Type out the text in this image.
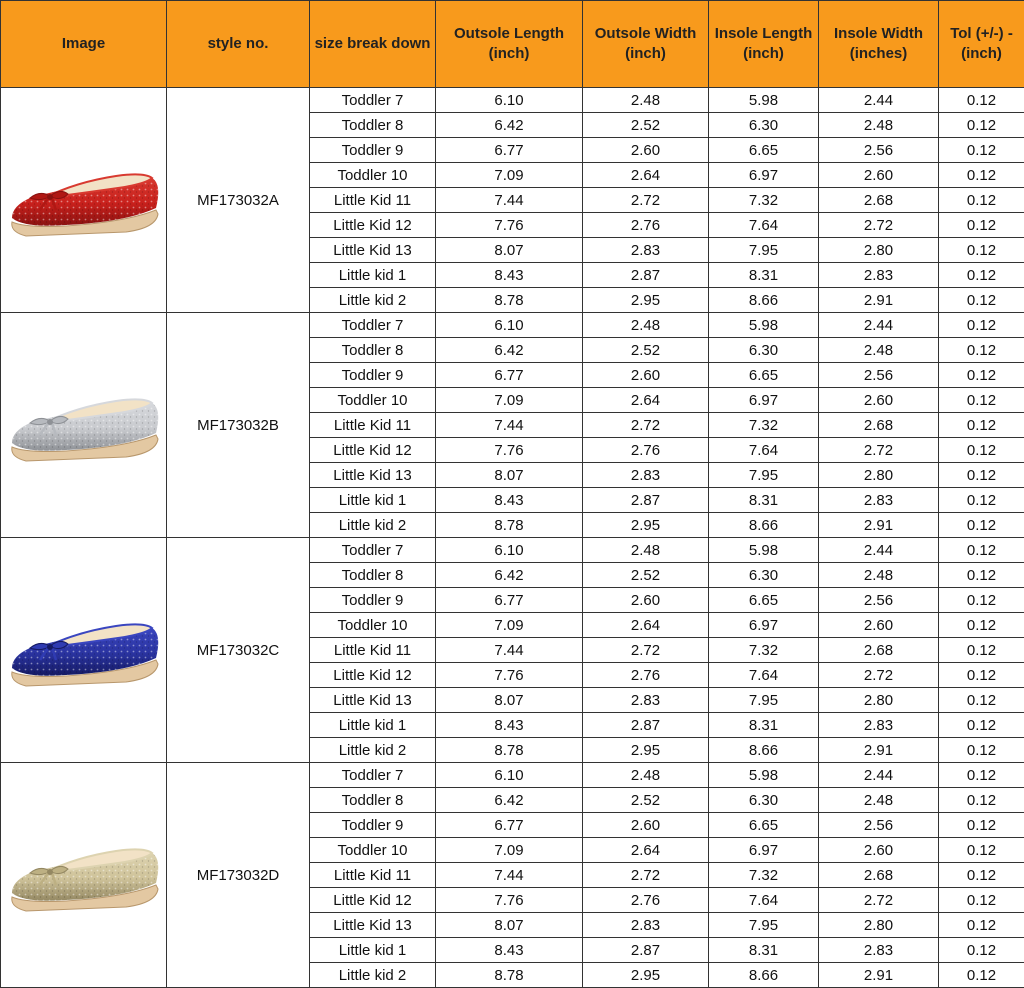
Image	style no.	size break down	Outsole Length (inch)	Outsole Width (inch)	Insole Length (inch)	Insole Width (inches)	Tol (+/-) - (inch)

	MF173032A	Toddler 7	6.10	2.48	5.98	2.44	0.12
		Toddler 8	6.42	2.52	6.30	2.48	0.12
		Toddler 9	6.77	2.60	6.65	2.56	0.12
		Toddler 10	7.09	2.64	6.97	2.60	0.12
		Little Kid 11	7.44	2.72	7.32	2.68	0.12
		Little Kid 12	7.76	2.76	7.64	2.72	0.12
		Little Kid 13	8.07	2.83	7.95	2.80	0.12
		Little kid 1	8.43	2.87	8.31	2.83	0.12
		Little kid 2	8.78	2.95	8.66	2.91	0.12

	MF173032B	Toddler 7	6.10	2.48	5.98	2.44	0.12
		Toddler 8	6.42	2.52	6.30	2.48	0.12
		Toddler 9	6.77	2.60	6.65	2.56	0.12
		Toddler 10	7.09	2.64	6.97	2.60	0.12
		Little Kid 11	7.44	2.72	7.32	2.68	0.12
		Little Kid 12	7.76	2.76	7.64	2.72	0.12
		Little Kid 13	8.07	2.83	7.95	2.80	0.12
		Little kid 1	8.43	2.87	8.31	2.83	0.12
		Little kid 2	8.78	2.95	8.66	2.91	0.12

	MF173032C	Toddler 7	6.10	2.48	5.98	2.44	0.12
		Toddler 8	6.42	2.52	6.30	2.48	0.12
		Toddler 9	6.77	2.60	6.65	2.56	0.12
		Toddler 10	7.09	2.64	6.97	2.60	0.12
		Little Kid 11	7.44	2.72	7.32	2.68	0.12
		Little Kid 12	7.76	2.76	7.64	2.72	0.12
		Little Kid 13	8.07	2.83	7.95	2.80	0.12
		Little kid 1	8.43	2.87	8.31	2.83	0.12
		Little kid 2	8.78	2.95	8.66	2.91	0.12

	MF173032D	Toddler 7	6.10	2.48	5.98	2.44	0.12
		Toddler 8	6.42	2.52	6.30	2.48	0.12
		Toddler 9	6.77	2.60	6.65	2.56	0.12
		Toddler 10	7.09	2.64	6.97	2.60	0.12
		Little Kid 11	7.44	2.72	7.32	2.68	0.12
		Little Kid 12	7.76	2.76	7.64	2.72	0.12
		Little Kid 13	8.07	2.83	7.95	2.80	0.12
		Little kid 1	8.43	2.87	8.31	2.83	0.12
		Little kid 2	8.78	2.95	8.66	2.91	0.12
